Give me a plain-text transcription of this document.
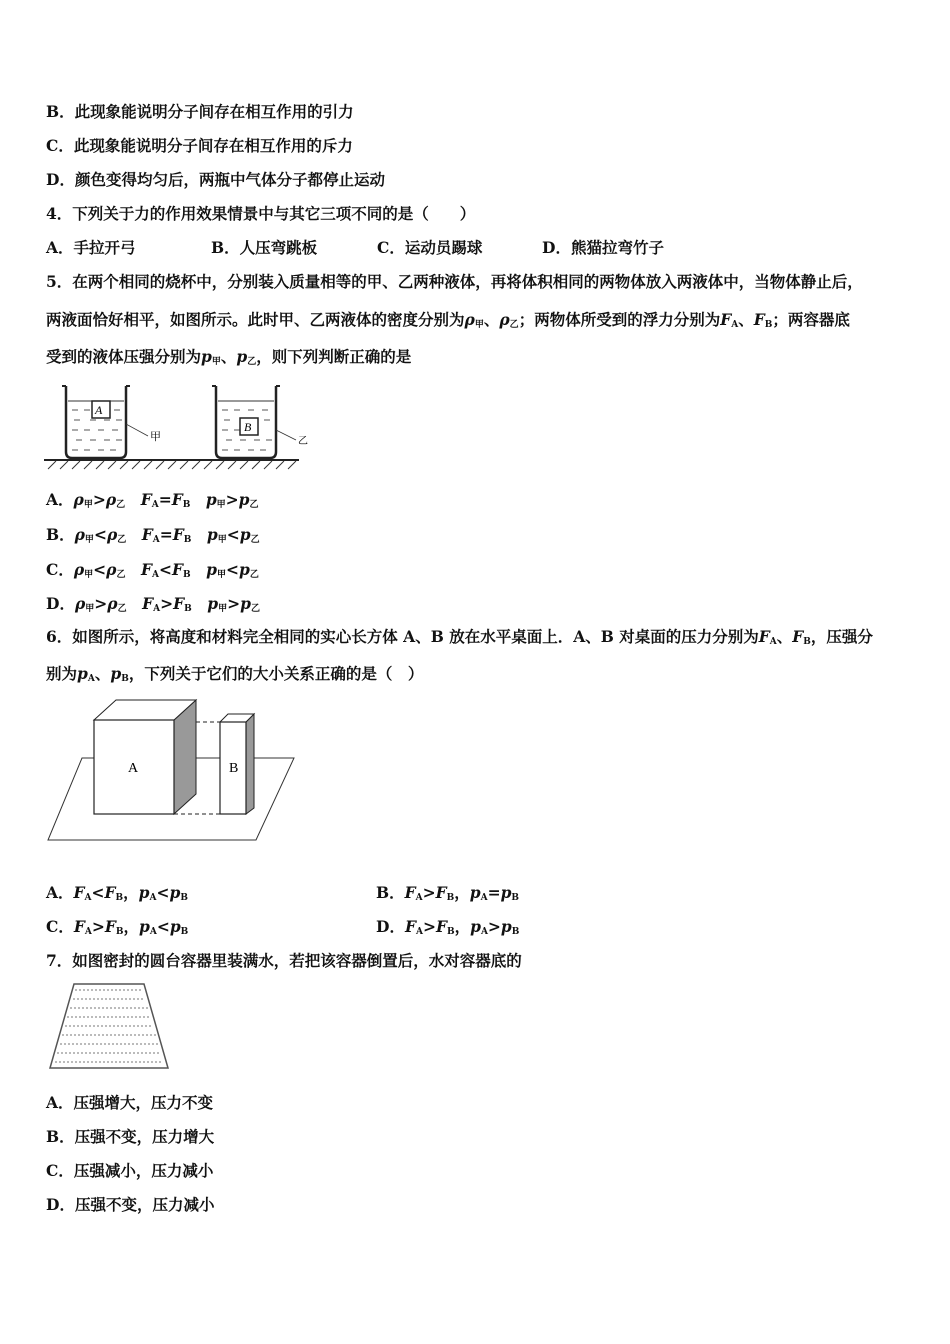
B．此现象能说明分子间存在相互作用的引力
C．此现象能说明分子间存在相互作用的斥力
D．颜色变得均匀后，两瓶中气体分子都停止运动
4．下列关于力的作用效果情景中与其它三项不同的是（　　）
A．手拉开弓	B．人压弯跳板	C．运动员踢球	D．熊猫拉弯竹子
5．在两个相同的烧杯中，分别装入质量相等的甲、乙两种液体，再将体积相同的两物体放入两液体中，当物体静止后，
两液面恰好相平，如图所示。此时甲、乙两液体的密度分别为$\rho_甲$、$\rho_乙$；两物体所受到的浮力分别为$F_A$、$F_B$；两容器底
受到的液体压强分别为$p_甲$、$p_乙$，则下列判断正确的是
A
甲
B
乙
A．$\rho_甲>\rho_乙$  $F_A=F_B$  $p_甲>p_乙$
B．$\rho_甲<\rho_乙$  $F_A=F_B$  $p_甲<p_乙$
C．$\rho_甲<\rho_乙$  $F_A<F_B$  $p_甲<p_乙$
D．$\rho_甲>\rho_乙$  $F_A>F_B$  $p_甲>p_乙$
6．如图所示，将高度和材料完全相同的实心长方体 A、B 放在水平桌面上．A、B 对桌面的压力分别为$F_A$、$F_B$，压强分
别为$p_A$、$p_B$，下列关于它们的大小关系正确的是（　）
A	B
A．$F_A<F_B$，$p_A<p_B$	B．$F_A>F_B$，$p_A=p_B$
C．$F_A>F_B$，$p_A<p_B$	D．$F_A>F_B$，$p_A>p_B$
7．如图密封的圆台容器里装满水，若把该容器倒置后，水对容器底的
A．压强增大，压力不变
B．压强不变，压力增大
C．压强减小，压力减小
D．压强不变，压力减小
